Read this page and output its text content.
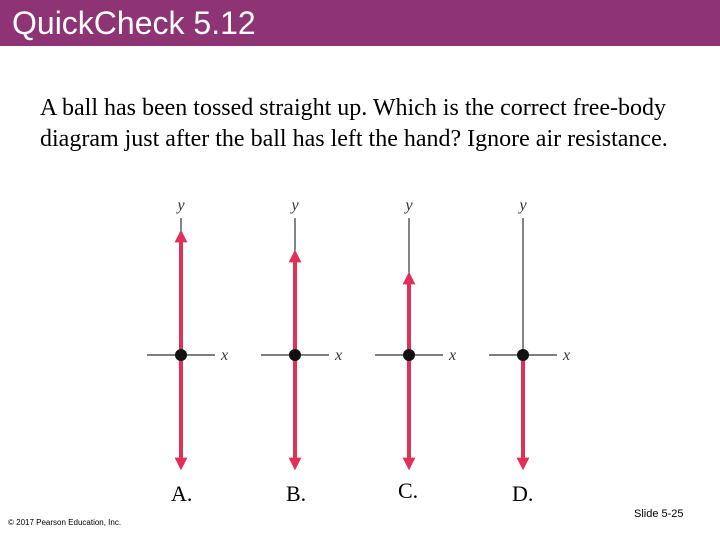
QuickCheck 5.12
A ball has been tossed straight up. Which is the correct free-body diagram just after the ball has left the hand? Ignore air resistance.
y
x
y
x
y
x
y
x
A.	B.	C.	D.
© 2017 Pearson Education, Inc.
Slide 5-25
